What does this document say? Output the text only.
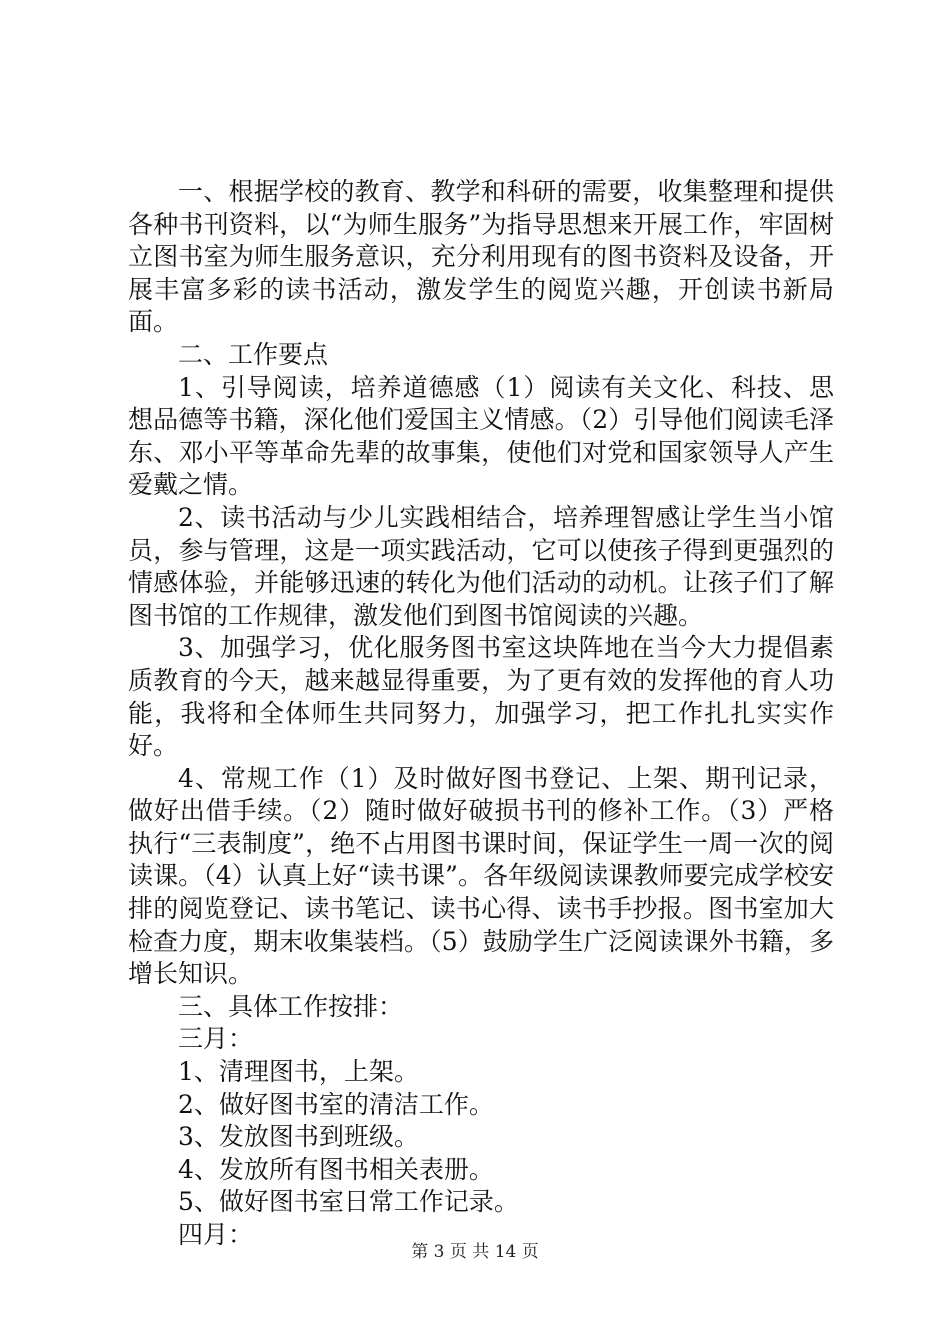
一、根据学校的教育、教学和科研的需要，收集整理和提供各种书刊资料，以“为师生服务”为指导思想来开展工作，牢固树立图书室为师生服务意识，充分利用现有的图书资料及设备，开展丰富多彩的读书活动，激发学生的阅览兴趣，开创读书新局面。

二、工作要点

1、引导阅读，培养道德感（1）阅读有关文化、科技、思想品德等书籍，深化他们爱国主义情感。（2）引导他们阅读毛泽东、邓小平等革命先辈的故事集，使他们对党和国家领导人产生爱戴之情。

2、读书活动与少儿实践相结合，培养理智感让学生当小馆员，参与管理，这是一项实践活动，它可以使孩子得到更强烈的情感体验，并能够迅速的转化为他们活动的动机。让孩子们了解图书馆的工作规律，激发他们到图书馆阅读的兴趣。

3、加强学习，优化服务图书室这块阵地在当今大力提倡素质教育的今天，越来越显得重要，为了更有效的发挥他的育人功能，我将和全体师生共同努力，加强学习，把工作扎扎实实作好。

4、常规工作（1）及时做好图书登记、上架、期刊记录，做好出借手续。（2）随时做好破损书刊的修补工作。（3）严格执行“三表制度”，绝不占用图书课时间，保证学生一周一次的阅读课。（4）认真上好“读书课”。各年级阅读课教师要完成学校安排的阅览登记、读书笔记、读书心得、读书手抄报。图书室加大检查力度，期末收集装档。（5）鼓励学生广泛阅读课外书籍，多增长知识。

三、具体工作按排：

三月：

1、清理图书，上架。

2、做好图书室的清洁工作。

3、发放图书到班级。

4、发放所有图书相关表册。

5、做好图书室日常工作记录。

四月：

第 3 页 共 14 页
